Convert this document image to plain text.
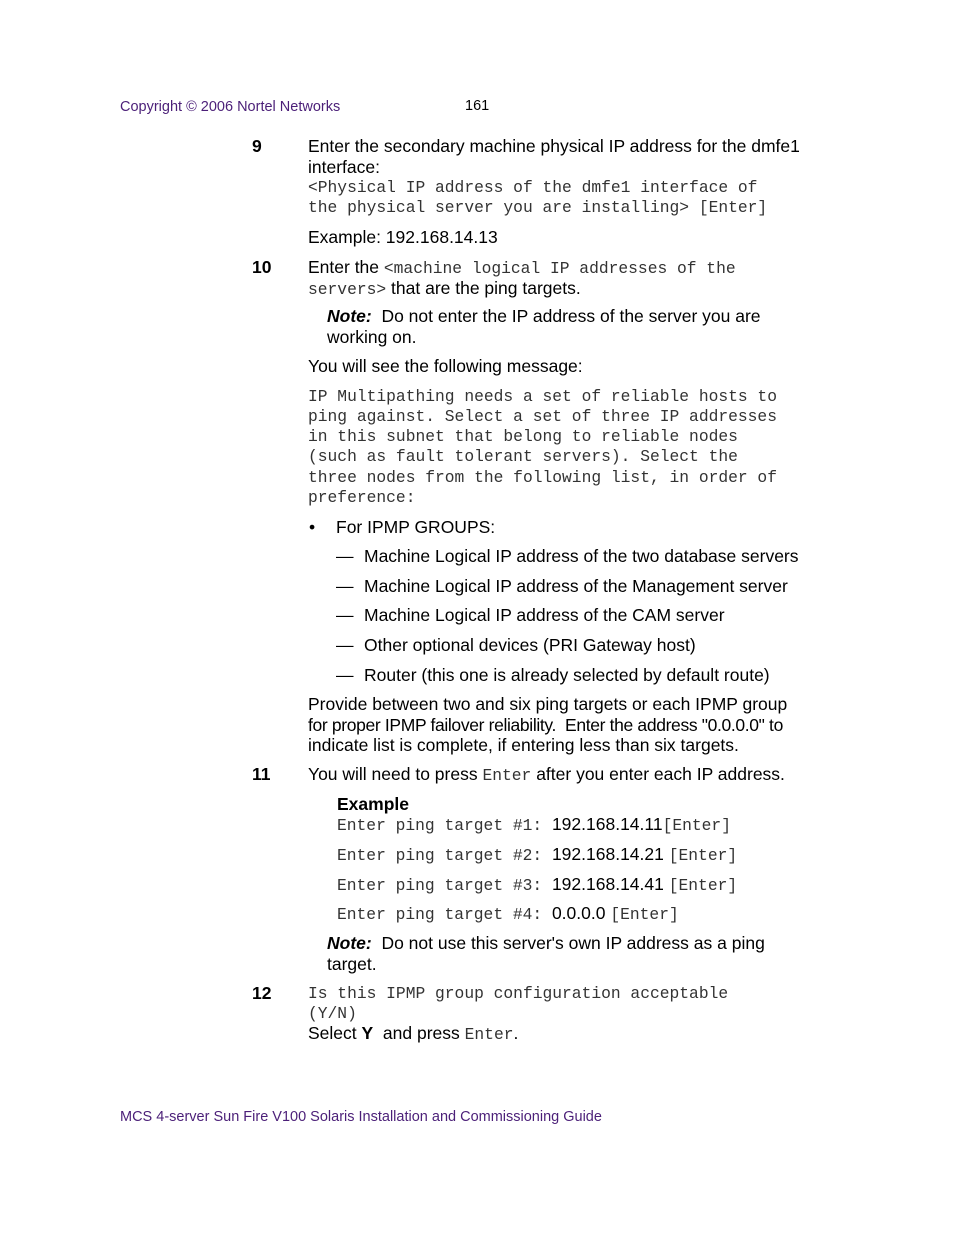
Copyright © 2006 Nortel Networks	161
9	Enter the secondary machine physical IP address for the dmfe1
interface:
<Physical IP address of the dmfe1 interface of
the physical server you are installing> [Enter]
Example: 192.168.14.13
10 Enter the <machine logical IP addresses of the
servers> that are the ping targets.
Note:  Do not enter the IP address of the server you are
working on.
You will see the following message:
IP Multipathing needs a set of reliable hosts to
ping against. Select a set of three IP addresses
in this subnet that belong to reliable nodes
(such as fault tolerant servers). Select the
three nodes from the following list, in order of
preference:
• For IPMP GROUPS:
— Machine Logical IP address of the two database servers
— Machine Logical IP address of the Management server
— Machine Logical IP address of the CAM server
— Other optional devices (PRI Gateway host)
— Router (this one is already selected by default route)
Provide between two and six ping targets or each IPMP group
for proper IPMP failover reliability.  Enter the address "0.0.0.0" to
indicate list is complete, if entering less than six targets.
11 You will need to press Enter after you enter each IP address.
Example
Enter ping target #1: 192.168.14.11[Enter]
Enter ping target #2: 192.168.14.21 [Enter]
Enter ping target #3: 192.168.14.41 [Enter]
Enter ping target #4: 0.0.0.0 [Enter]
Note:  Do not use this server's own IP address as a ping
target.
12 Is this IPMP group configuration acceptable
(Y/N)
Select Y  and press Enter.
MCS 4-server Sun Fire V100 Solaris Installation and Commissioning Guide
